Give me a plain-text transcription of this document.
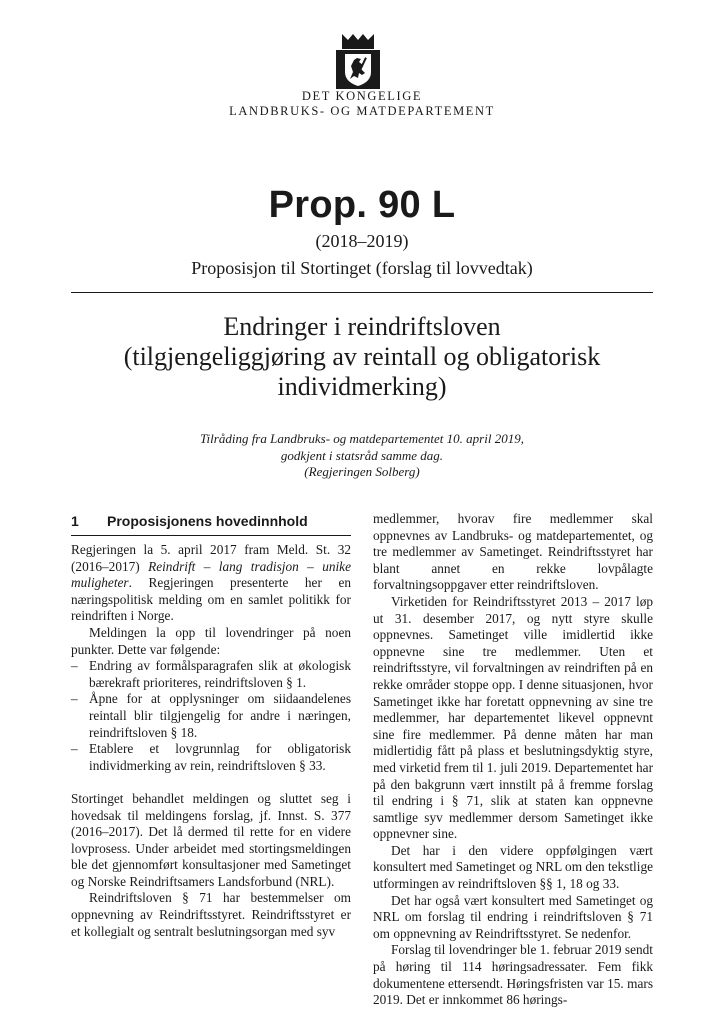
DET KONGELIGE
LANDBRUKS- OG MATDEPARTEMENT
Prop. 90 L
(2018–2019)
Proposisjon til Stortinget (forslag til lovvedtak)
Endringer i reindriftsloven
(tilgjengeliggjøring av reintall og obligatorisk
individmerking)
Tilråding fra Landbruks- og matdepartementet 10. april 2019,
godkjent i statsråd samme dag.
(Regjeringen Solberg)
1 Proposisjonens hovedinnhold

Regjeringen la 5. april 2017 fram Meld. St. 32 (2016–2017) Reindrift – lang tradisjon – unike muligheter. Regjeringen presenterte her en næringspolitisk melding om en samlet politikk for reindriften i Norge.

Meldingen la opp til lovendringer på noen punkter. Dette var følgende:

– Endring av formålsparagrafen slik at økologisk bærekraft prioriteres, reindriftsloven § 1.
– Åpne for at opplysninger om siidaandelenes reintall blir tilgjengelig for andre i næringen, reindriftsloven § 18.
– Etablere et lovgrunnlag for obligatorisk individmerking av rein, reindriftsloven § 33.

Stortinget behandlet meldingen og sluttet seg i hovedsak til meldingens forslag, jf. Innst. S. 377 (2016–2017). Det lå dermed til rette for en videre lovprosess. Under arbeidet med stortingsmeldingen ble det gjennomført konsultasjoner med Sametinget og Norske Reindriftsamers Landsforbund (NRL).

Reindriftsloven § 71 har bestemmelser om oppnevning av Reindriftsstyret. Reindriftsstyret er et kollegialt og sentralt beslutningsorgan med syv

medlemmer, hvorav fire medlemmer skal oppnevnes av Landbruks- og matdepartementet, og tre medlemmer av Sametinget. Reindriftsstyret har blant annet en rekke lovpålagte forvaltningsoppgaver etter reindriftsloven.

Virketiden for Reindriftsstyret 2013 – 2017 løp ut 31. desember 2017, og nytt styre skulle oppnevnes. Sametinget ville imidlertid ikke oppnevne sine tre medlemmer. Uten et reindriftsstyre, vil forvaltningen av reindriften på en rekke områder stoppe opp. I denne situasjonen, hvor Sametinget ikke har foretatt oppnevning av sine tre medlemmer, har departementet likevel oppnevnt sine fire medlemmer. På denne måten har man midlertidig fått på plass et beslutningsdyktig styre, med virketid frem til 1. juli 2019. Departementet har på den bakgrunn vært innstilt på å fremme forslag til endring i § 71, slik at staten kan oppnevne samtlige syv medlemmer dersom Sametinget ikke oppnevner sine.

Det har i den videre oppfølgingen vært konsultert med Sametinget og NRL om den tekstlige utformingen av reindriftsloven §§ 1, 18 og 33.

Det har også vært konsultert med Sametinget og NRL om forslag til endring i reindriftsloven § 71 om oppnevning av Reindriftsstyret. Se nedenfor.

Forslag til lovendringer ble 1. februar 2019 sendt på høring til 114 høringsadressater. Fem fikk dokumentene ettersendt. Høringsfristen var 15. mars 2019. Det er innkommet 86 hørings-
